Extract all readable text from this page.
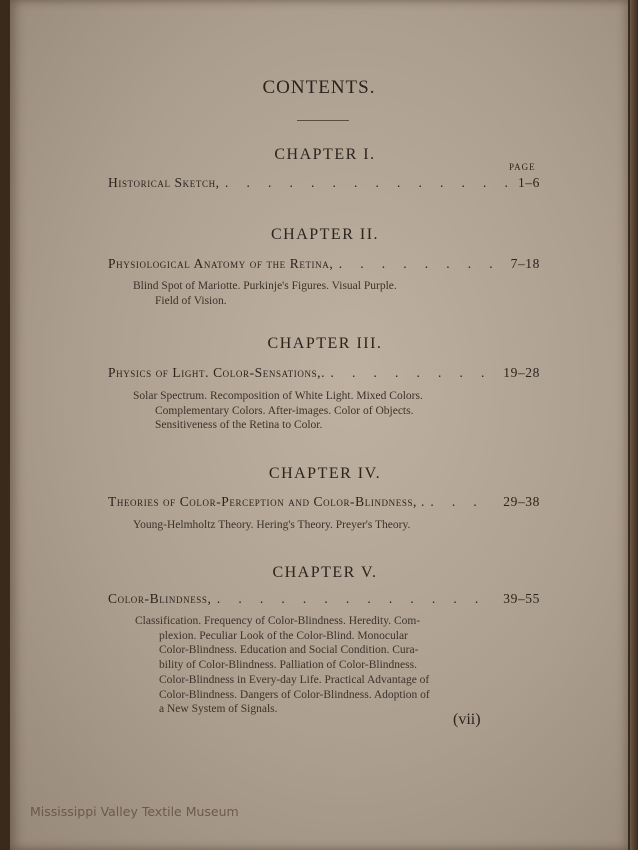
CONTENTS.
PAGE
CHAPTER I.
Historical Sketch, . .	1–6
CHAPTER II.
Physiological Anatomy of the Retina, . .	7–18
Blind Spot of Mariotte. Purkinje's Figures. Visual Purple.
Field of Vision.
CHAPTER III.
Physics of Light. Color-Sensations,. . .	19–28
Solar Spectrum. Recomposition of White Light. Mixed Colors.
Complementary Colors. After-images. Color of Objects.
Sensitiveness of the Retina to Color.
CHAPTER IV.
Theories of Color-Perception and Color-Blindness, . . .	29–38
Young-Helmholtz Theory. Hering's Theory. Preyer's Theory.
CHAPTER V.
Color-Blindness, . .	39–55
Classification. Frequency of Color-Blindness. Heredity. Com-
plexion. Peculiar Look of the Color-Blind. Monocular
Color-Blindness. Education and Social Condition. Cura-
bility of Color-Blindness. Palliation of Color-Blindness.
Color-Blindness in Every-day Life. Practical Advantage of
Color-Blindness. Dangers of Color-Blindness. Adoption of
a New System of Signals.
(vii)
Mississippi Valley Textile Museum
